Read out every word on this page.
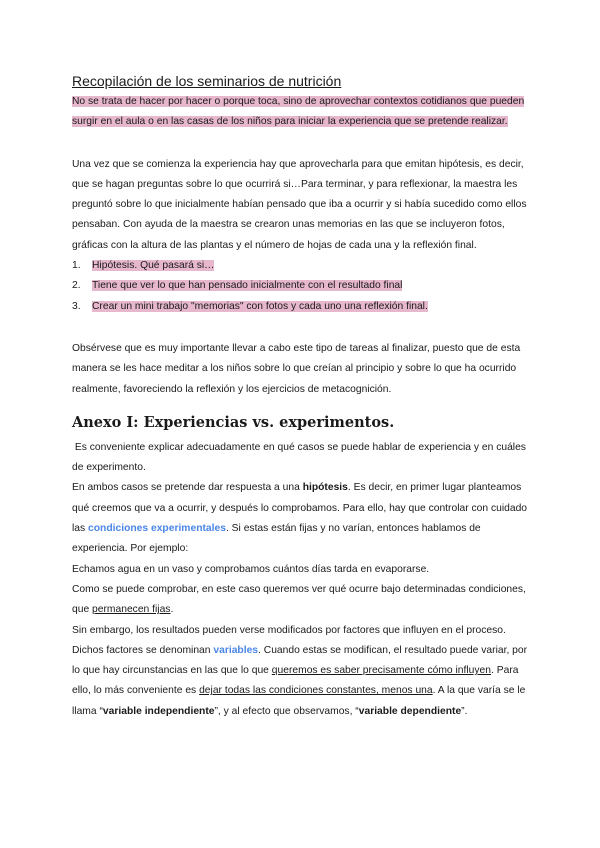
Recopilación de los seminarios de nutrición

No se trata de hacer por hacer o porque toca, sino de aprovechar contextos cotidianos que pueden surgir en el aula o en las casas de los niños para iniciar la experiencia que se pretende realizar.

Una vez que se comienza la experiencia hay que aprovecharla para que emitan hipótesis, es decir, que se hagan preguntas sobre lo que ocurrirá si…Para terminar, y para reflexionar, la maestra les preguntó sobre lo que inicialmente habían pensado que iba a ocurrir y si había sucedido como ellos pensaban. Con ayuda de la maestra se crearon unas memorias en las que se incluyeron fotos, gráficas con la altura de las plantas y el número de hojas de cada una y la reflexión final.

1. Hipótesis. Qué pasará si…
2. Tiene que ver lo que han pensado inicialmente con el resultado final
3. Crear un mini trabajo "memorias" con fotos y cada uno una reflexión final.

Obsérvese que es muy importante llevar a cabo este tipo de tareas al finalizar, puesto que de esta manera se les hace meditar a los niños sobre lo que creían al principio y sobre lo que ha ocurrido realmente, favoreciendo la reflexión y los ejercicios de metacognición.

Anexo I: Experiencias vs. experimentos.

Es conveniente explicar adecuadamente en qué casos se puede hablar de experiencia y en cuáles de experimento.

En ambos casos se pretende dar respuesta a una hipótesis. Es decir, en primer lugar planteamos qué creemos que va a ocurrir, y después lo comprobamos. Para ello, hay que controlar con cuidado las condiciones experimentales. Si estas están fijas y no varían, entonces hablamos de experiencia. Por ejemplo:

Echamos agua en un vaso y comprobamos cuántos días tarda en evaporarse.

Como se puede comprobar, en este caso queremos ver qué ocurre bajo determinadas condiciones, que permanecen fijas.

Sin embargo, los resultados pueden verse modificados por factores que influyen en el proceso. Dichos factores se denominan variables. Cuando estas se modifican, el resultado puede variar, por lo que hay circunstancias en las que lo que queremos es saber precisamente cómo influyen. Para ello, lo más conveniente es dejar todas las condiciones constantes, menos una. A la que varía se le llama “variable independiente”, y al efecto que observamos, “variable dependiente”.
